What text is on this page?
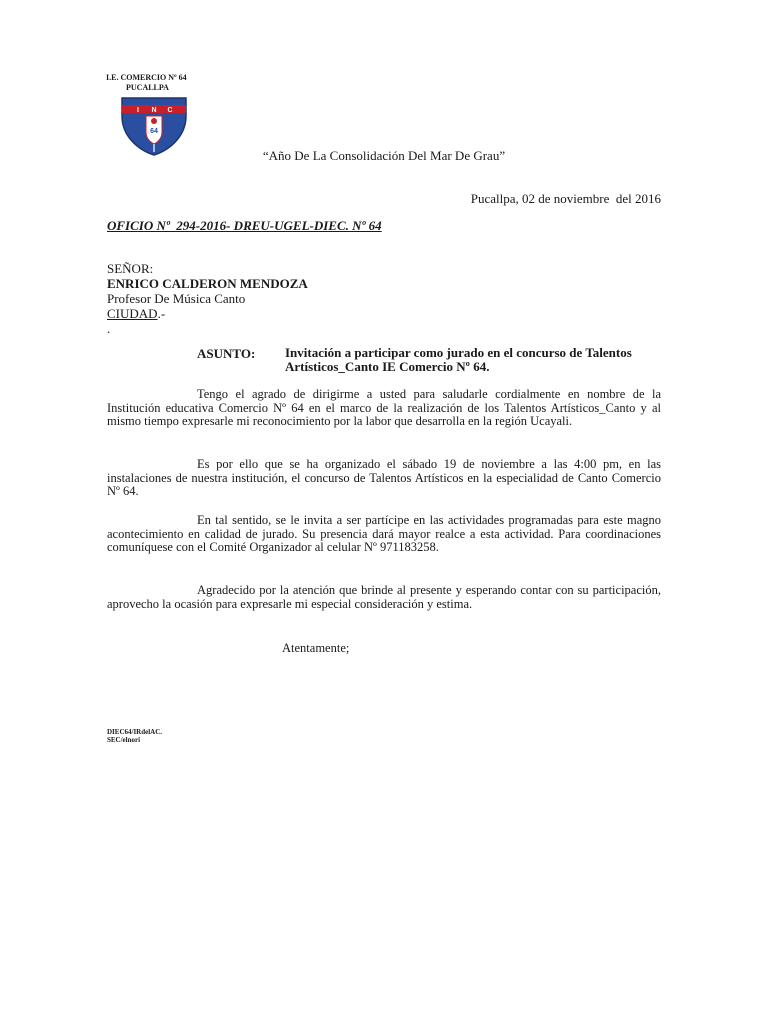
I.E. COMERCIO Nº 64
PUCALLPA
I N C
64
“Año De La Consolidación Del Mar De Grau”
Pucallpa, 02 de noviembre  del 2016
OFICIO Nº  294-2016- DREU-UGEL-DIEC. Nº 64
SEÑOR:
ENRICO CALDERON MENDOZA
Profesor De Música Canto
CIUDAD.-
.
ASUNTO: Invitación a participar como jurado en el concurso de Talentos Artísticos_Canto IE Comercio Nº 64.
Tengo el agrado de dirigirme a usted para saludarle cordialmente en nombre de la Institución educativa Comercio Nº 64 en el marco de la realización de los Talentos Artísticos_Canto y al mismo tiempo expresarle mi reconocimiento por la labor que desarrolla en la región Ucayali.
Es por ello que se ha organizado el sábado 19 de noviembre a las 4:00 pm, en las instalaciones de nuestra institución, el concurso de Talentos Artísticos en la especialidad de Canto Comercio Nº 64.
En tal sentido, se le invita a ser partícipe en las actividades programadas para este magno acontecimiento en calidad de jurado. Su presencia dará mayor realce a esta actividad. Para coordinaciones comuníquese con el Comité Organizador al celular Nº 971183258.
Agradecido por la atención que brinde al presente y esperando contar con su participación, aprovecho la ocasión para expresarle mi especial consideración y estima.
Atentamente;
DIEC64/IRdelAC.
SEC/elnori
